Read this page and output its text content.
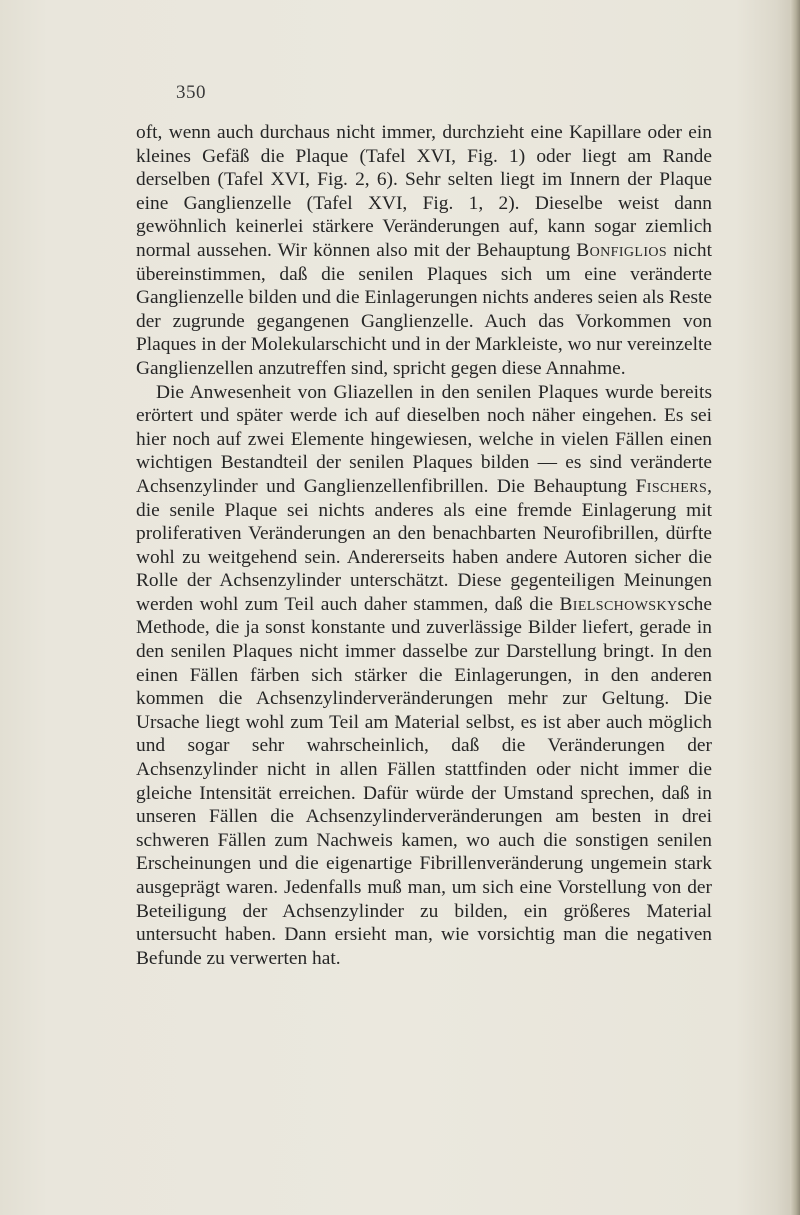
350

oft, wenn auch durchaus nicht immer, durchzieht eine Kapillare oder ein kleines Gefäß die Plaque (Tafel XVI, Fig. 1) oder liegt am Rande derselben (Tafel XVI, Fig. 2, 6). Sehr selten liegt im Innern der Plaque eine Ganglienzelle (Tafel XVI, Fig. 1, 2). Dieselbe weist dann gewöhnlich keinerlei stärkere Veränderungen auf, kann sogar ziemlich normal aussehen. Wir können also mit der Behauptung Bonfiglios nicht übereinstimmen, daß die senilen Plaques sich um eine veränderte Ganglienzelle bilden und die Einlagerungen nichts anderes seien als Reste der zugrunde gegangenen Ganglienzelle. Auch das Vorkommen von Plaques in der Molekularschicht und in der Markleiste, wo nur vereinzelte Ganglienzellen anzutreffen sind, spricht gegen diese Annahme.

Die Anwesenheit von Gliazellen in den senilen Plaques wurde bereits erörtert und später werde ich auf dieselben noch näher eingehen. Es sei hier noch auf zwei Elemente hingewiesen, welche in vielen Fällen einen wichtigen Bestandteil der senilen Plaques bilden — es sind veränderte Achsenzylinder und Ganglienzellenfibrillen. Die Behauptung Fischers, die senile Plaque sei nichts anderes als eine fremde Einlagerung mit proliferativen Veränderungen an den benachbarten Neurofibrillen, dürfte wohl zu weitgehend sein. Andererseits haben andere Autoren sicher die Rolle der Achsenzylinder unterschätzt. Diese gegenteiligen Meinungen werden wohl zum Teil auch daher stammen, daß die Bielschowskysche Methode, die ja sonst konstante und zuverlässige Bilder liefert, gerade in den senilen Plaques nicht immer dasselbe zur Darstellung bringt. In den einen Fällen färben sich stärker die Einlagerungen, in den anderen kommen die Achsenzylinderveränderungen mehr zur Geltung. Die Ursache liegt wohl zum Teil am Material selbst, es ist aber auch möglich und sogar sehr wahrscheinlich, daß die Veränderungen der Achsenzylinder nicht in allen Fällen stattfinden oder nicht immer die gleiche Intensität erreichen. Dafür würde der Umstand sprechen, daß in unseren Fällen die Achsenzylinderveränderungen am besten in drei schweren Fällen zum Nachweis kamen, wo auch die sonstigen senilen Erscheinungen und die eigenartige Fibrillenveränderung ungemein stark ausgeprägt waren. Jedenfalls muß man, um sich eine Vorstellung von der Beteiligung der Achsenzylinder zu bilden, ein größeres Material untersucht haben. Dann ersieht man, wie vorsichtig man die negativen Befunde zu verwerten hat.
